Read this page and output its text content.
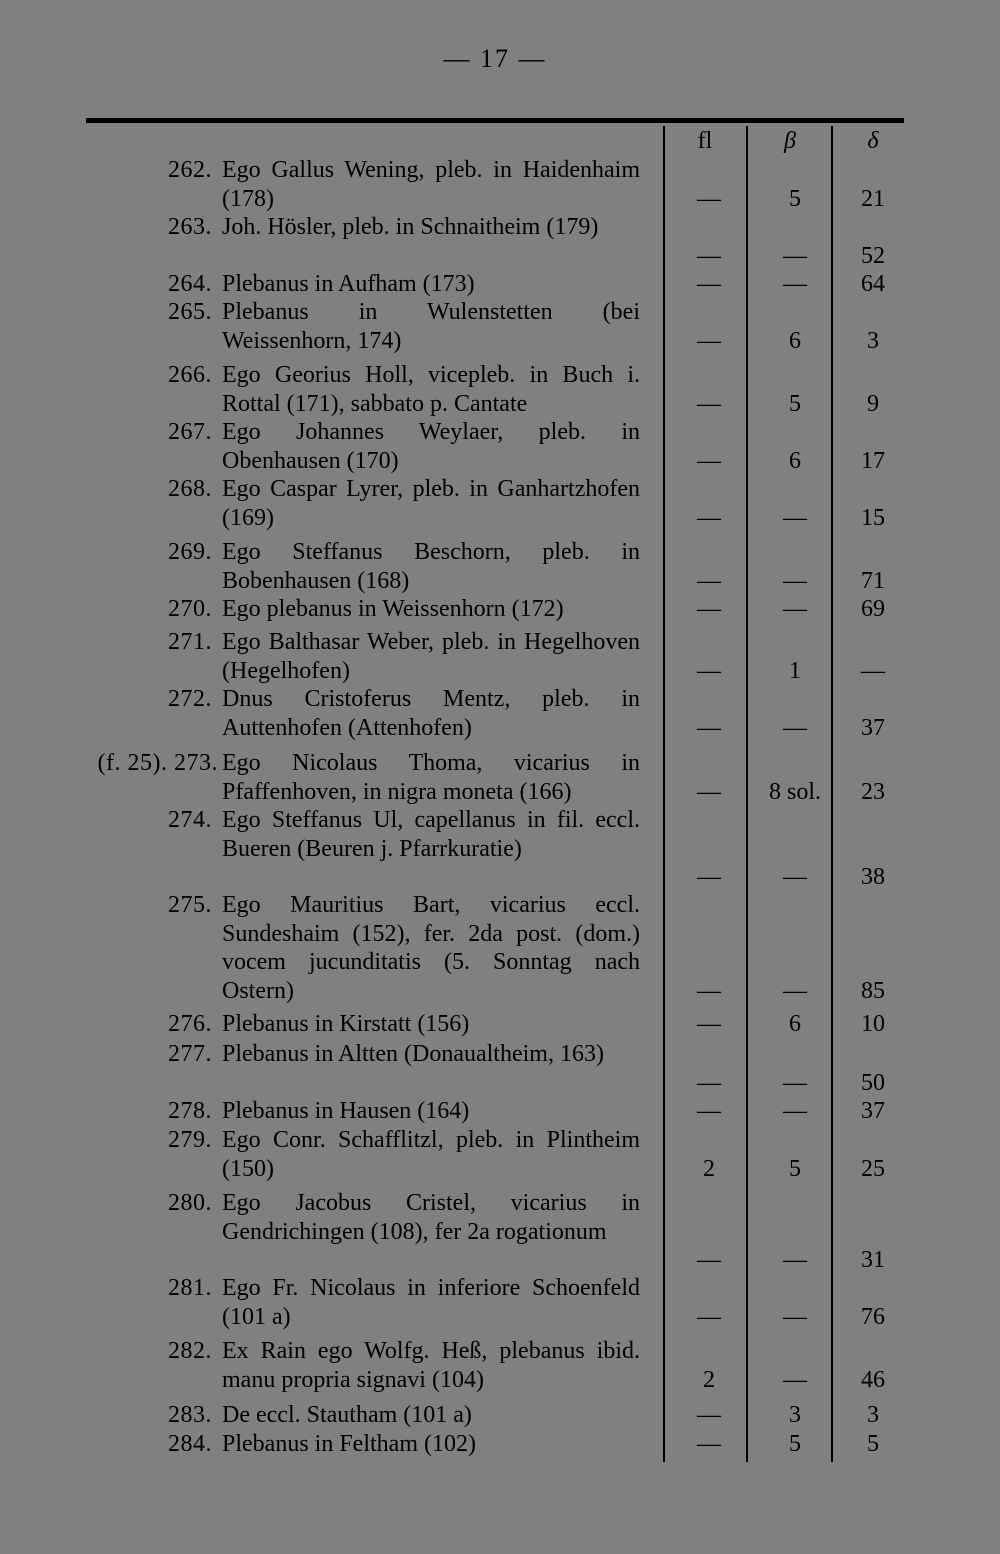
— 17 —
fl	β	δ
262. Ego Gallus Wening, pleb. in Haidenhaim (178)	—	5	21
263. Joh. Hösler, pleb. in Schnaitheim (179)
—	—	52
264. Plebanus in Aufham (173)	—	—	64
265. Plebanus in Wulenstetten (bei Weissenhorn, 174)	—	6	3
266. Ego Georius Holl, vicepleb. in Buch i. Rottal (171), sabbato p. Cantate	—	5	9
267. Ego Johannes Weylaer, pleb. in Obenhausen (170)	—	6	17
268. Ego Caspar Lyrer, pleb. in Ganhartzhofen (169)	—	—	15
269. Ego Steffanus Beschorn, pleb. in Bobenhausen (168)	—	—	71
270. Ego plebanus in Weissenhorn (172)	—	—	69
271. Ego Balthasar Weber, pleb. in Hegelhoven (Hegelhofen)	—	1	—
272. Dnus Cristoferus Mentz, pleb. in Auttenhofen (Attenhofen)	—	—	37
(f. 25). 273. Ego Nicolaus Thoma, vicarius in Pfaffenhoven, in nigra moneta (166)	—	8 sol.	23
274. Ego Steffanus Ul, capellanus in fil. eccl. Bueren (Beuren j. Pfarrkuratie)
—	—	38
275. Ego Mauritius Bart, vicarius eccl. Sundeshaim (152), fer. 2da post. (dom.) vocem jucunditatis (5. Sonntag nach Ostern)	—	—	85
276. Plebanus in Kirstatt (156)	—	6	10
277. Plebanus in Altten (Donaualtheim, 163)
—	—	50
278. Plebanus in Hausen (164)	—	—	37
279. Ego Conr. Schafflitzl, pleb. in Plintheim (150)	2	5	25
280. Ego Jacobus Cristel, vicarius in Gendrichingen (108), fer 2a rogationum
—	—	31
281. Ego Fr. Nicolaus in inferiore Schoenfeld (101 a)	—	—	76
282. Ex Rain ego Wolfg. Heß, plebanus ibid. manu propria signavi (104)	2	—	46
283. De eccl. Stautham (101 a)	—	3	3
284. Plebanus in Feltham (102)	—	5	5
